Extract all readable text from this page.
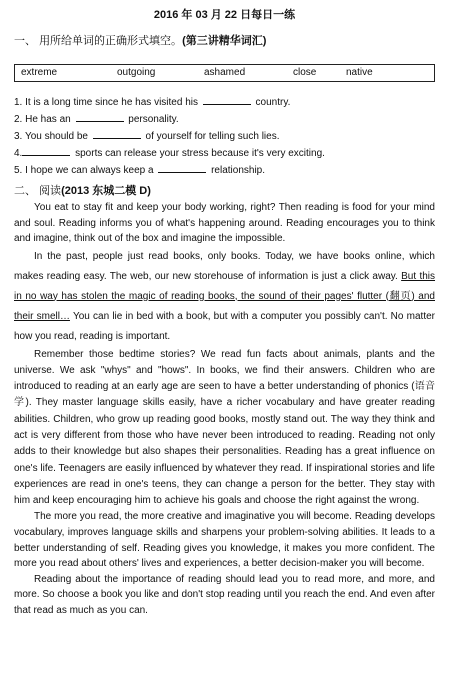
2016 年 03 月 22 日每日一练
一、 用所给单词的正确形式填空。(第三讲精华词汇)
extreme	outgoing	ashamed	close	native

1. It is a long time since he has visited his	country.

2. He has an	personality.

3. You should be	of yourself for telling such lies.

4.	sports can release your stress because it's very exciting.

5. I hope we can always keep a	relationship.

二、 阅读(2013 东城二模 D)

You eat to stay fit and keep your body working, right? Then reading is food for your mind and soul. Reading informs you of what's happening around. Reading encourages you to think and imagine, think out of the box and imagine the impossible.

In the past, people just read books, only books. Today, we have books online, which makes reading easy. The web, our new storehouse of information is just a click away. But this in no way has stolen the magic of reading books, the sound of their pages' flutter (翻页) and their smell… You can lie in bed with a book, but with a computer you possibly can't. No matter how you read, reading is important.

Remember those bedtime stories? We read fun facts about animals, plants and the universe. We ask "whys" and "hows". In books, we find their answers. Children who are introduced to reading at an early age are seen to have a better understanding of phonics (语音学). They master language skills easily, have a richer vocabulary and have greater reading abilities. Children, who grow up reading good books, mostly stand out. The way they think and act is very different from those who have never been introduced to reading. Reading not only adds to their knowledge but also shapes their personalities. Reading has a great influence on one's life. Teenagers are easily influenced by whatever they read. If inspirational stories and life experiences are read in one's teens, they can change a person for the better. They stay with him and keep encouraging him to achieve his goals and choose the right against the wrong.

The more you read, the more creative and imaginative you will become. Reading develops vocabulary, improves language skills and sharpens your problem-solving abilities. It leads to a better understanding of self. Reading gives you knowledge, it makes you more confident. The more you read about others' lives and experiences, a better decision-maker you will become.

Reading about the importance of reading should lead you to read more, and more, and more. So choose a book you like and don't stop reading until you reach the end. And even after that read as much as you can.
